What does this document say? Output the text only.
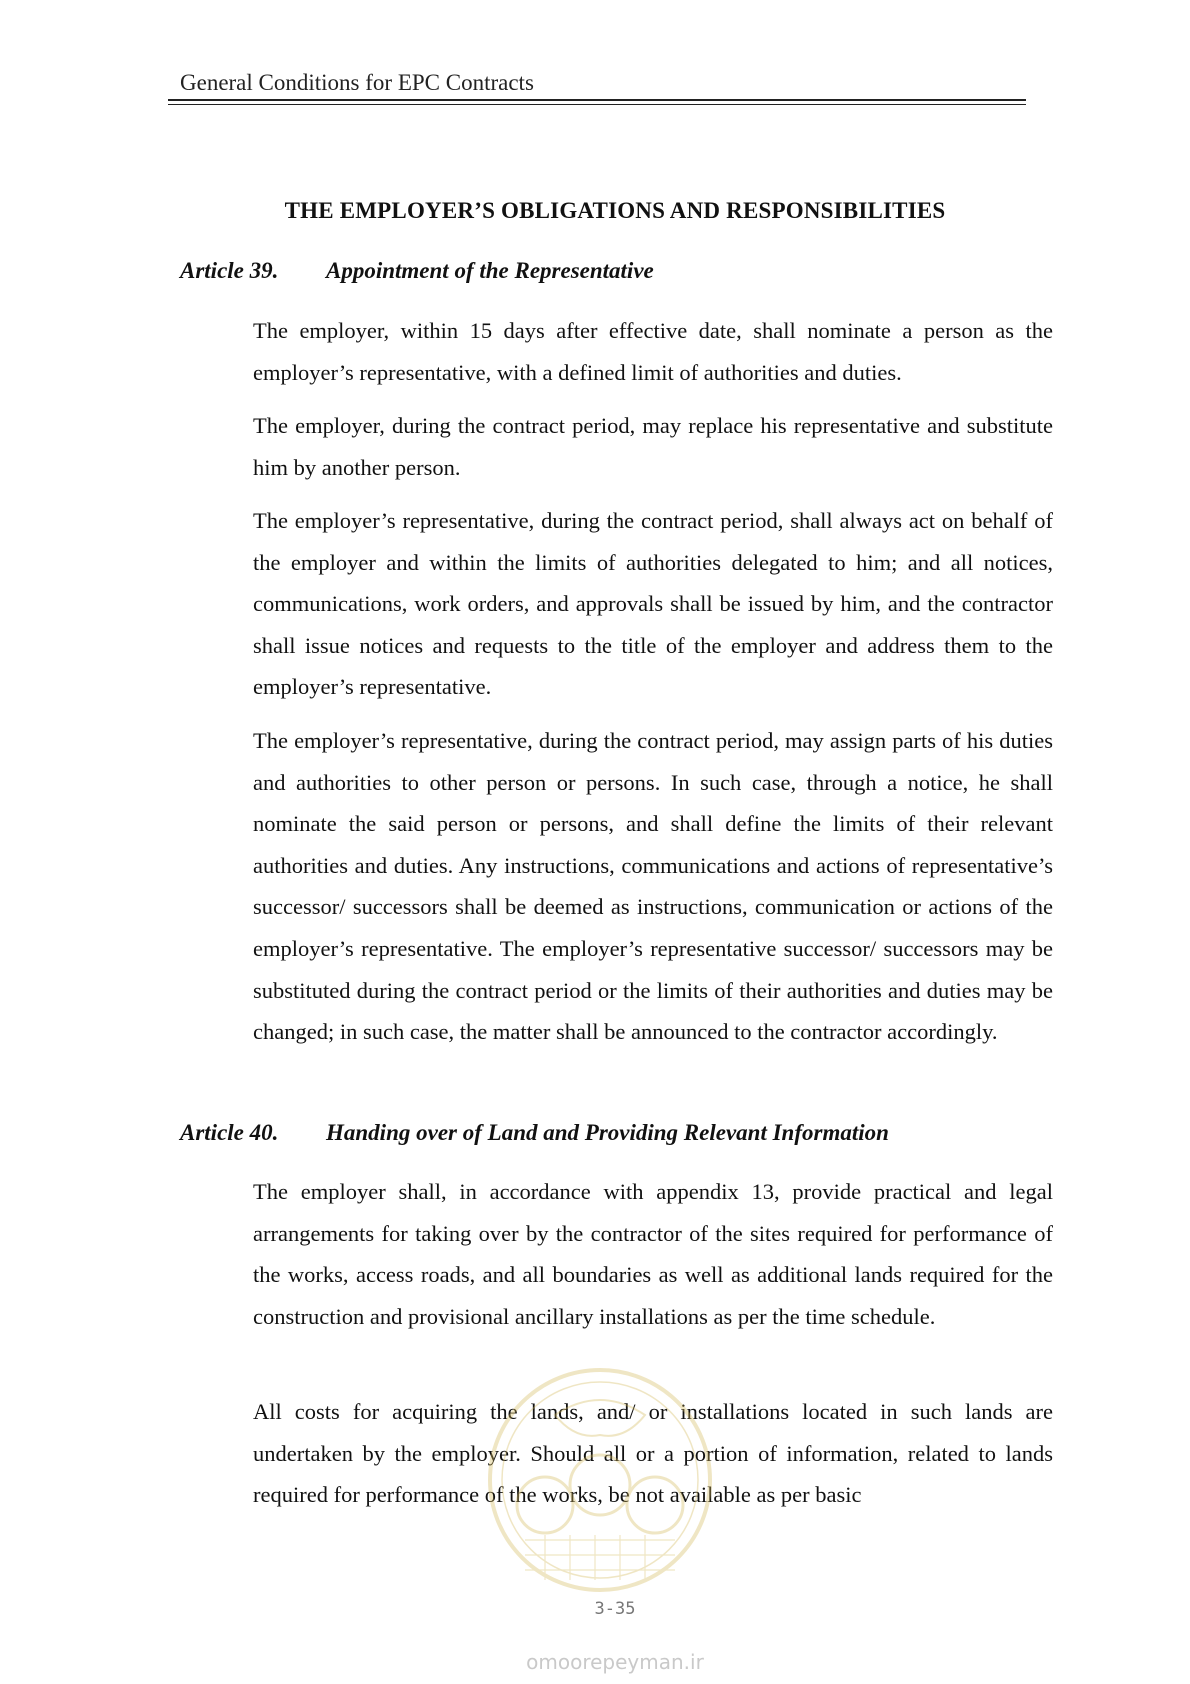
General Conditions for EPC Contracts
THE EMPLOYER’S OBLIGATIONS AND RESPONSIBILITIES
Article 39. Appointment of the Representative
The employer, within 15 days after effective date, shall nominate a person as the employer’s representative, with a defined limit of authorities and duties.
The employer, during the contract period, may replace his representative and substitute him by another person.
The employer’s representative, during the contract period, shall always act on behalf of the employer and within the limits of authorities delegated to him; and all notices, communications, work orders, and approvals shall be issued by him, and the contractor shall issue notices and requests to the title of the employer and address them to the employer’s representative.
The employer’s representative, during the contract period, may assign parts of his duties and authorities to other person or persons. In such case, through a notice, he shall nominate the said person or persons, and shall define the limits of their relevant authorities and duties. Any instructions, communications and actions of representative’s successor/ successors shall be deemed as instructions, communication or actions of the employer’s representative. The employer’s representative successor/ successors may be substituted during the contract period or the limits of their authorities and duties may be changed; in such case, the matter shall be announced to the contractor accordingly.
Article 40. Handing over of Land and Providing Relevant Information
The employer shall, in accordance with appendix 13, provide practical and legal arrangements for taking over by the contractor of the sites required for performance of the works, access roads, and all boundaries as well as additional lands required for the construction and provisional ancillary installations as per the time schedule.
All costs for acquiring the lands, and/ or installations located in such lands are undertaken by the employer. Should all or a portion of information, related to lands required for performance of the works, be not available as per basic
3-35
omoorepeyman.ir
